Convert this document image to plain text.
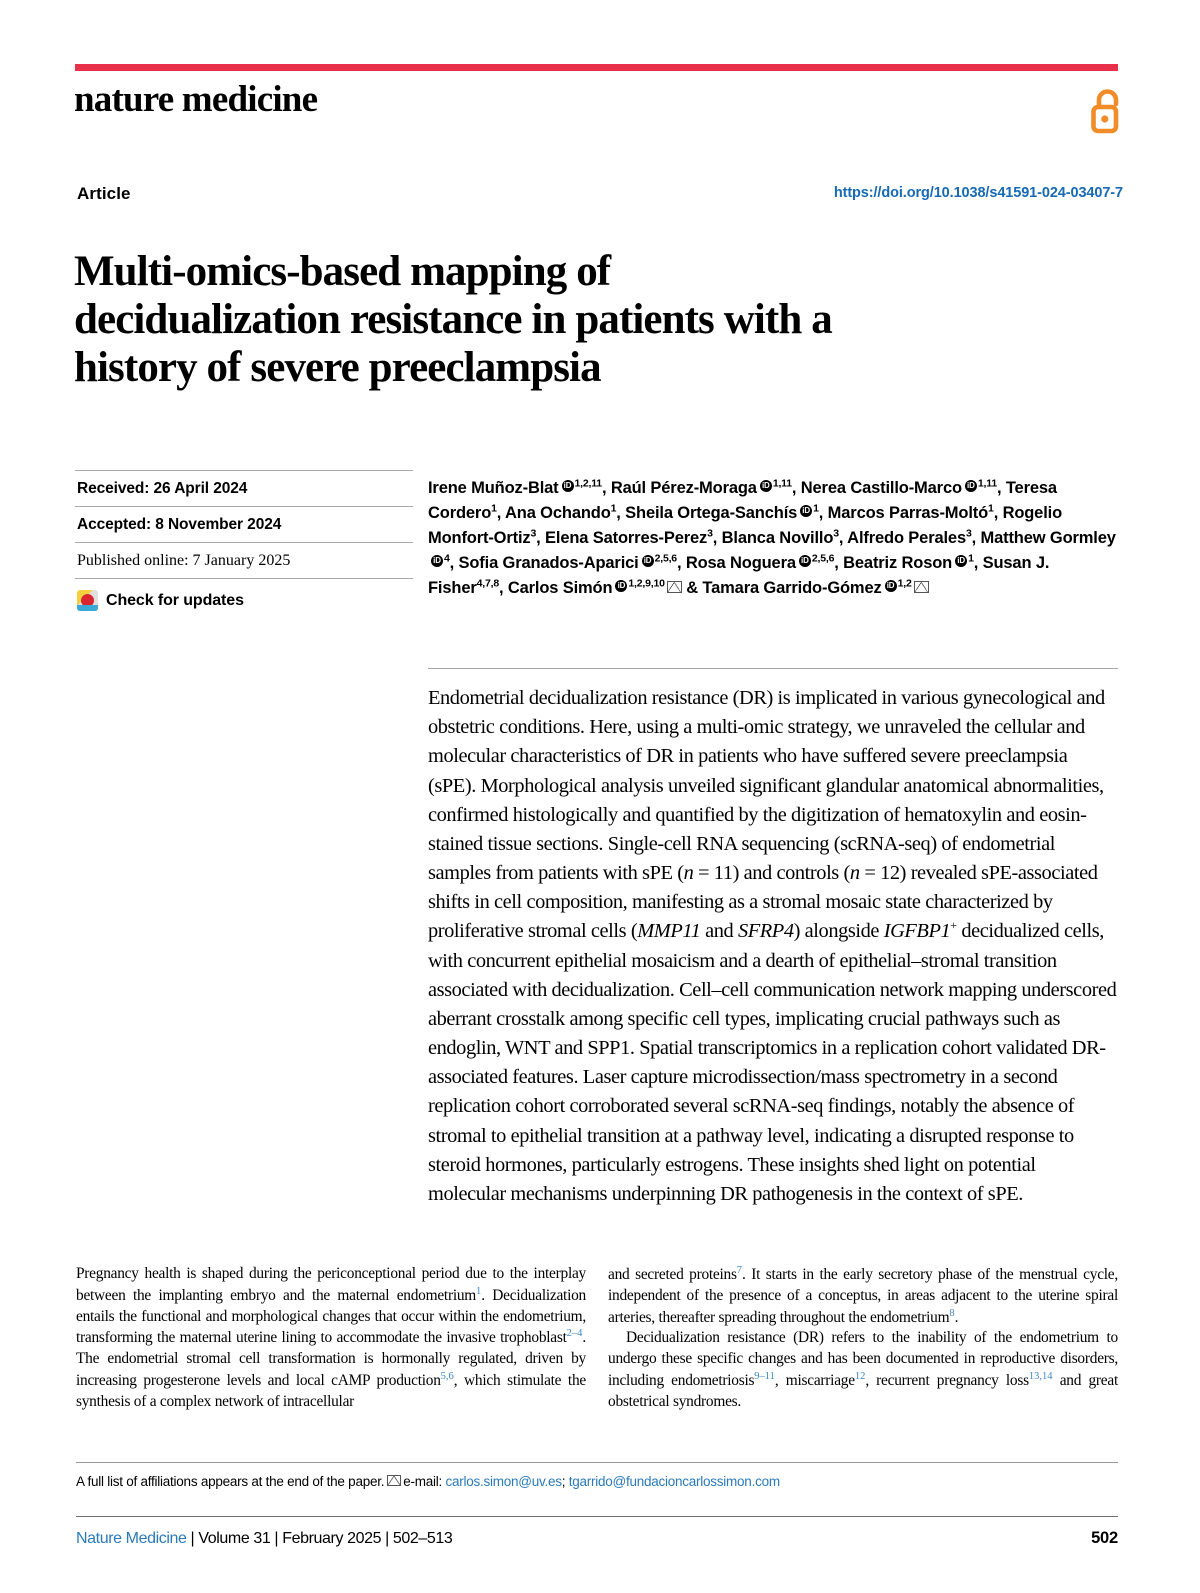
nature medicine
Article	https://doi.org/10.1038/s41591-024-03407-7
Multi-omics-based mapping of
decidualization resistance in patients with a
history of severe preeclampsia
Received: 26 April 2024
Accepted: 8 November 2024
Published online: 7 January 2025
Check for updates
Irene Muñoz-Blat iD $^{1,2,11}$, Raúl Pérez-Moraga iD $^{1,11}$, Nerea Castillo-Marco iD $^{1,11}$, Teresa Cordero$^1$, Ana Ochando$^1$, Sheila Ortega-Sanchís iD $^1$, Marcos Parras-Moltó$^1$, Rogelio Monfort-Ortiz$^3$, Elena Satorres-Perez$^3$, Blanca Novillo$^3$, Alfredo Perales$^3$, Matthew GormleyiD$^4$, Sofia Granados-Aparici iD $^{2,5,6}$, Rosa NogueraiD $^{2,5,6}$, Beatriz Roson iD $^1$, Susan J. Fisher$^{4,7,8}$, Carlos Simón iD $^{1,2,9,10}$ & Tamara Garrido-Gómez iD $^{1,2}$
Endometrial decidualization resistance (DR) is implicated in various gynecological and obstetric conditions. Here, using a multi-omic strategy, we unraveled the cellular and molecular characteristics of DR in patients who have suffered severe preeclampsia (sPE). Morphological analysis unveiled significant glandular anatomical abnormalities, confirmed histologically and quantified by the digitization of hematoxylin and eosin-stained tissue sections. Single-cell RNA sequencing (scRNA-seq) of endometrial samples from patients with sPE (n = 11) and controls (n = 12) revealed sPE-associated shifts in cell composition, manifesting as a stromal mosaic state characterized by proliferative stromal cells (MMP11 and SFRP4) alongside IGFBP1+ decidualized cells, with concurrent epithelial mosaicism and a dearth of epithelial–stromal transition associated with decidualization. Cell–cell communication network mapping underscored aberrant crosstalk among specific cell types, implicating crucial pathways such as endoglin, WNT and SPP1. Spatial transcriptomics in a replication cohort validated DR-associated features. Laser capture microdissection/mass spectrometry in a second replication cohort corroborated several scRNA-seq findings, notably the absence of stromal to epithelial transition at a pathway level, indicating a disrupted response to steroid hormones, particularly estrogens. These insights shed light on potential molecular mechanisms underpinning DR pathogenesis in the context of sPE.

Pregnancy health is shaped during the periconceptional period due to the interplay between the implanting embryo and the maternal endometrium$^1$. Decidualization entails the functional and morphological changes that occur within the endometrium, transforming the maternal uterine lining to accommodate the invasive trophoblast$^{2-4}$. The endometrial stromal cell transformation is hormonally regulated, driven by increasing progesterone levels and local cAMP production$^{5,6}$, which stimulate the synthesis of a complex network of intracellular

and secreted proteins$^7$. It starts in the early secretory phase of the menstrual cycle, independent of the presence of a conceptus, in areas adjacent to the uterine spiral arteries, thereafter spreading throughout the endometrium$^8$.

Decidualization resistance (DR) refers to the inability of the endometrium to undergo these specific changes and has been documented in reproductive disorders, including endometriosis$^{9-11}$, miscarriage$^{12}$, recurrent pregnancy loss$^{13,14}$ and great obstetrical syndromes.

A full list of affiliations appears at the end of the paper. e-mail: carlos.simon@uv.es; tgarrido@fundacioncarlossimon.com
Nature Medicine | Volume 31 | February 2025 | 502–513	502
